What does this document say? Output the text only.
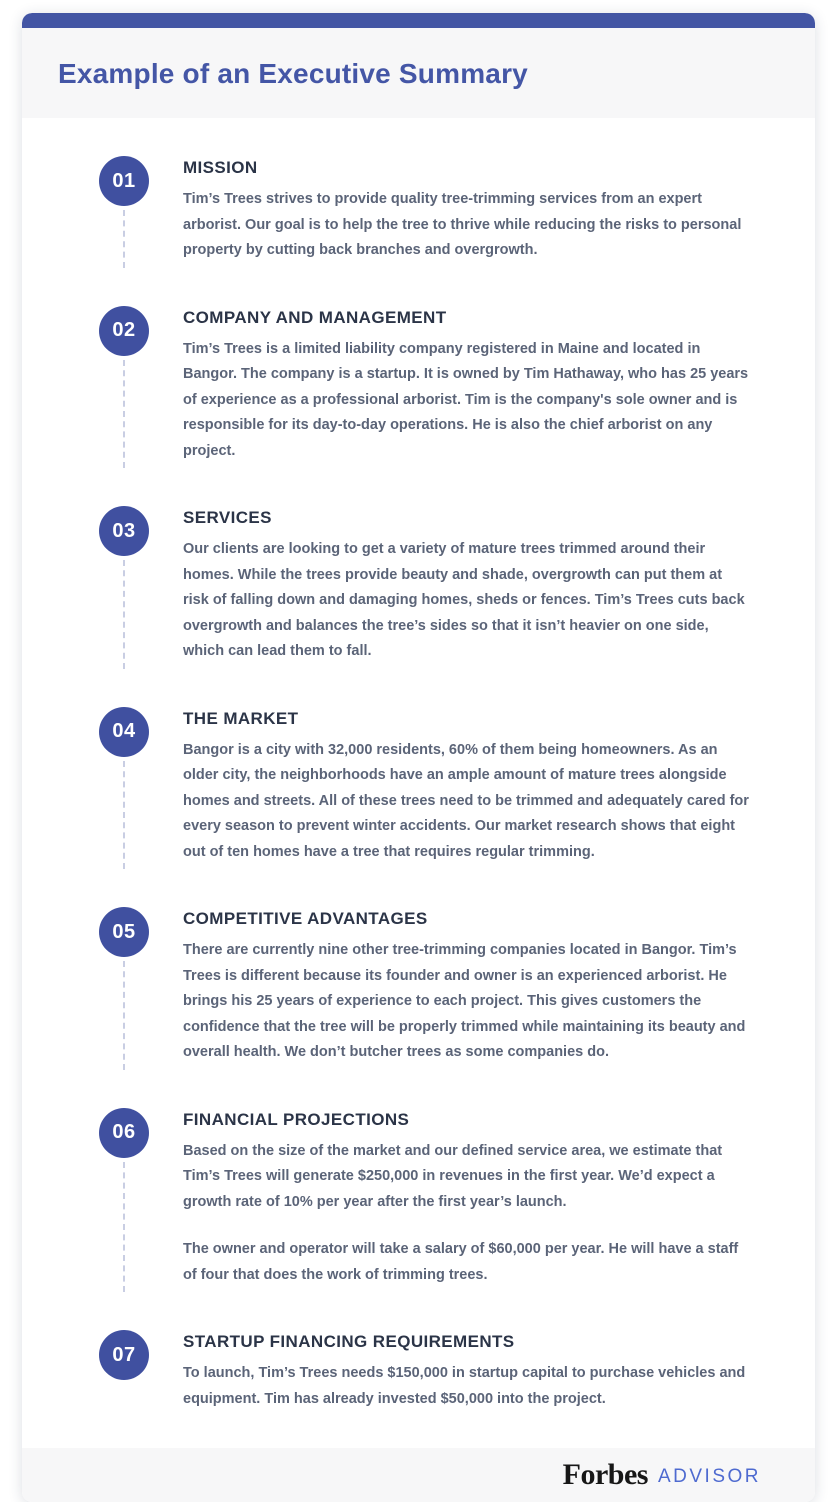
Example of an Executive Summary
01
MISSION

Tim’s Trees strives to provide quality tree-trimming services from an expert arborist. Our goal is to help the tree to thrive while reducing the risks to personal property by cutting back branches and overgrowth.

02
COMPANY AND MANAGEMENT

Tim’s Trees is a limited liability company registered in Maine and located in Bangor. The company is a startup. It is owned by Tim Hathaway, who has 25 years of experience as a professional arborist. Tim is the company's sole owner and is responsible for its day-to-day operations. He is also the chief arborist on any project.

03
SERVICES

Our clients are looking to get a variety of mature trees trimmed around their homes. While the trees provide beauty and shade, overgrowth can put them at risk of falling down and damaging homes, sheds or fences. Tim’s Trees cuts back overgrowth and balances the tree’s sides so that it isn’t heavier on one side, which can lead them to fall.

04
THE MARKET

Bangor is a city with 32,000 residents, 60% of them being homeowners. As an older city, the neighborhoods have an ample amount of mature trees alongside homes and streets. All of these trees need to be trimmed and adequately cared for every season to prevent winter accidents. Our market research shows that eight out of ten homes have a tree that requires regular trimming.

05
COMPETITIVE ADVANTAGES

There are currently nine other tree-trimming companies located in Bangor. Tim’s Trees is different because its founder and owner is an experienced arborist. He brings his 25 years of experience to each project. This gives customers the confidence that the tree will be properly trimmed while maintaining its beauty and overall health. We don’t butcher trees as some companies do.

06
FINANCIAL PROJECTIONS

Based on the size of the market and our defined service area, we estimate that Tim’s Trees will generate $250,000 in revenues in the first year. We’d expect a growth rate of 10% per year after the first year’s launch.

The owner and operator will take a salary of $60,000 per year. He will have a staff of four that does the work of trimming trees.

07
STARTUP FINANCING REQUIREMENTS

To launch, Tim’s Trees needs $150,000 in startup capital to purchase vehicles and equipment. Tim has already invested $50,000 into the project.

Forbes ADVISOR
